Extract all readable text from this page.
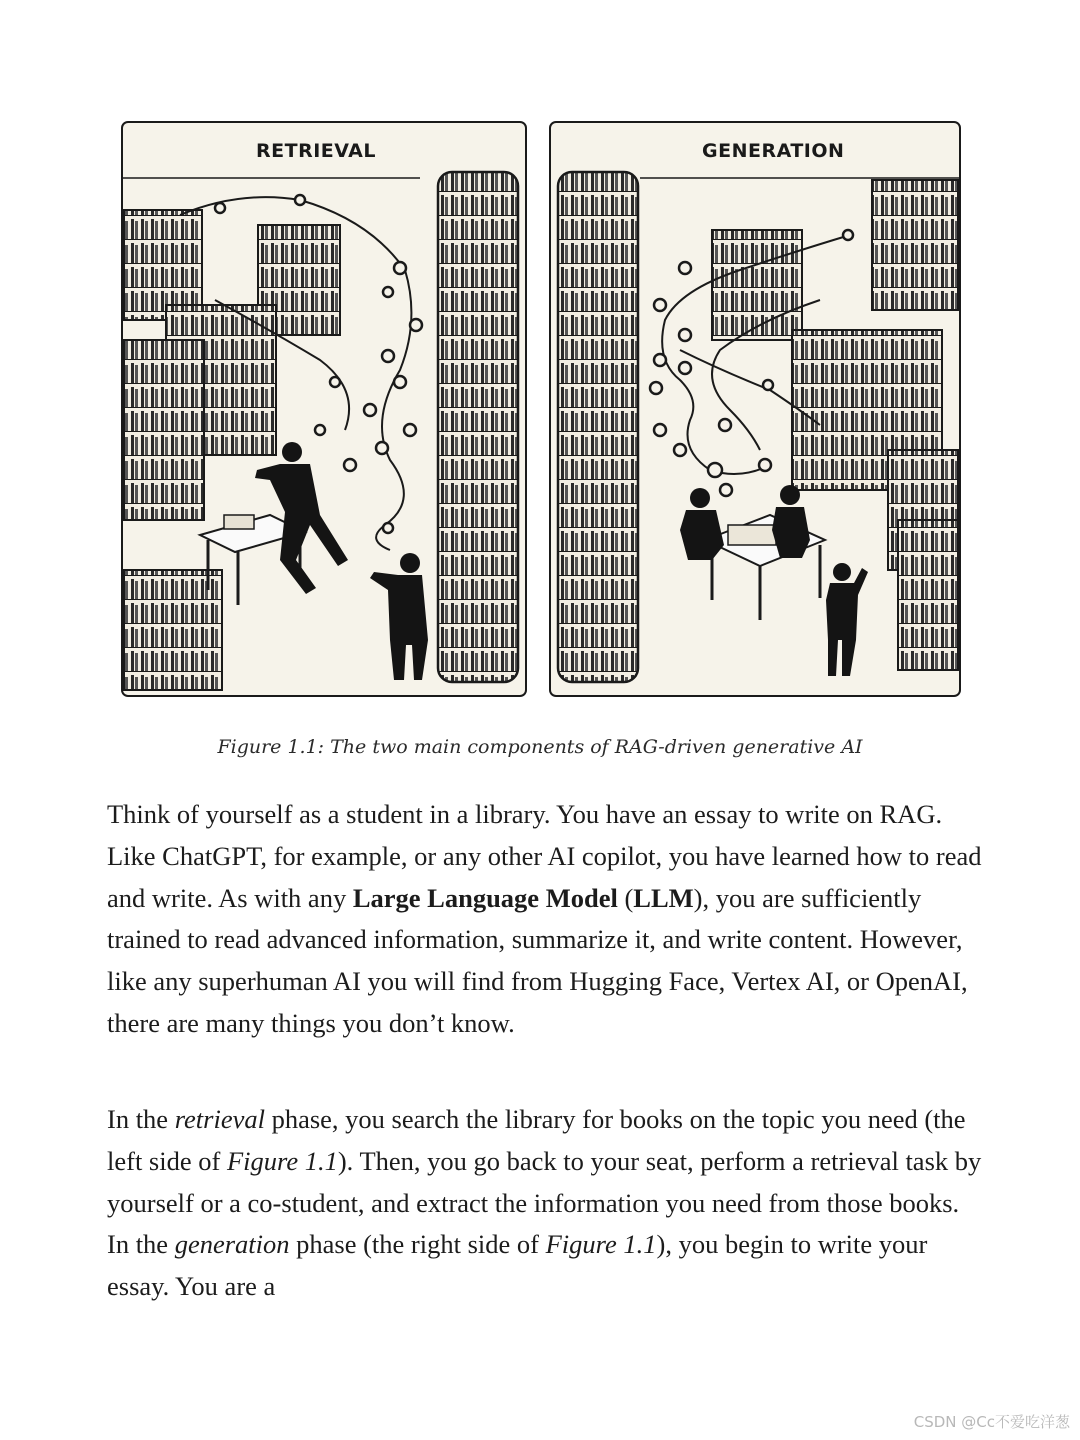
RETRIEVAL	GENERATION
Figure 1.1: The two main components of RAG-driven generative AI

Think of yourself as a student in a library. You have an essay to write on RAG. Like ChatGPT, for example, or any other AI copilot, you have learned how to read and write. As with any Large Language Model (LLM), you are sufficiently trained to read advanced information, summarize it, and write content. However, like any superhuman AI you will find from Hugging Face, Vertex AI, or OpenAI, there are many things you don’t know.

In the retrieval phase, you search the library for books on the topic you need (the left side of Figure 1.1). Then, you go back to your seat, perform a retrieval task by yourself or a co-student, and extract the information you need from those books. In the generation phase (the right side of Figure 1.1), you begin to write your essay. You are a

CSDN @Cc不爱吃洋葱
